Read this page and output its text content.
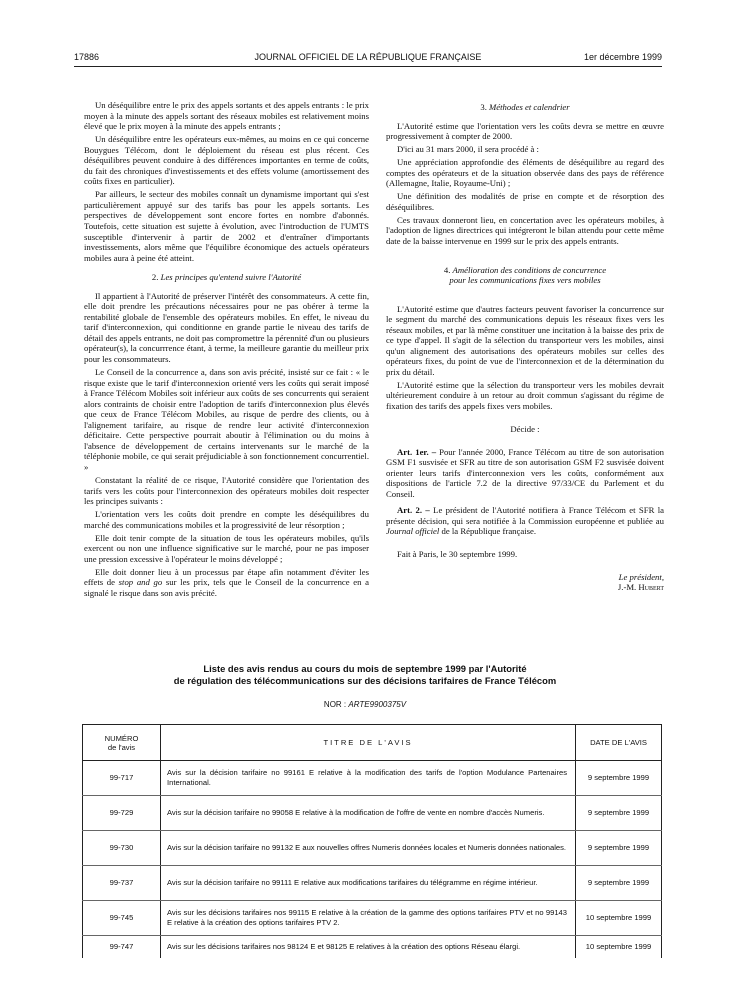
17886	JOURNAL OFFICIEL DE LA RÉPUBLIQUE FRANÇAISE	1er décembre 1999

Un déséquilibre entre le prix des appels sortants et des appels entrants : le prix moyen à la minute des appels sortant des réseaux mobiles est relativement moins élevé que le prix moyen à la minute des appels entrants ;

Un déséquilibre entre les opérateurs eux-mêmes, au moins en ce qui concerne Bouygues Télécom, dont le déploiement du réseau est plus récent. Ces déséquilibres peuvent conduire à des différences importantes en terme de coûts, du fait des chroniques d'investissements et des effets volume (amortissement des coûts fixes en particulier).

Par ailleurs, le secteur des mobiles connaît un dynamisme important qui s'est particulièrement appuyé sur des tarifs bas pour les appels sortants. Les perspectives de développement sont encore fortes en nombre d'abonnés. Toutefois, cette situation est sujette à évolution, avec l'introduction de l'UMTS susceptible d'intervenir à partir de 2002 et d'entraîner d'importants investissements, alors même que l'équilibre économique des actuels opérateurs mobiles aura à peine été atteint.

2. Les principes qu'entend suivre l'Autorité

Il appartient à l'Autorité de préserver l'intérêt des consommateurs. A cette fin, elle doit prendre les précautions nécessaires pour ne pas obérer à terme la rentabilité globale de l'ensemble des opérateurs mobiles. En effet, le niveau du tarif d'interconnexion, qui conditionne en grande partie le niveau des tarifs de détail des appels entrants, ne doit pas compromettre la pérennité d'un ou plusieurs opérateur(s), la concurrrence étant, à terme, la meilleure garantie du meilleur prix pour les consommateurs.

Le Conseil de la concurrence a, dans son avis précité, insisté sur ce fait : « le risque existe que le tarif d'interconnexion orienté vers les coûts qui serait imposé à France Télécom Mobiles soit inférieur aux coûts de ses concurrents qui seraient alors contraints de choisir entre l'adoption de tarifs d'interconnexion plus élevés que ceux de France Télécom Mobiles, au risque de perdre des clients, ou à l'alignement tarifaire, au risque de rendre leur activité d'interconnexion déficitaire. Cette perspective pourrait aboutir à l'élimination ou du moins à l'absence de développement de certains intervenants sur le marché de la téléphonie mobile, ce qui serait préjudiciable à son fonctionnement concurrentiel. »

Constatant la réalité de ce risque, l'Autorité considère que l'orientation des tarifs vers les coûts pour l'interconnexion des opérateurs mobiles doit respecter les principes suivants :

L'orientation vers les coûts doit prendre en compte les déséquilibres du marché des communications mobiles et la progressivité de leur résorption ;

Elle doit tenir compte de la situation de tous les opérateurs mobiles, qu'ils exercent ou non une influence significative sur le marché, pour ne pas imposer une pression excessive à l'opérateur le moins développé ;

Elle doit donner lieu à un processus par étape afin notamment d'éviter les effets de stop and go sur les prix, tels que le Conseil de la concurrence en a signalé le risque dans son avis précité.

3. Méthodes et calendrier

L'Autorité estime que l'orientation vers les coûts devra se mettre en œuvre progressivement à compter de 2000.

D'ici au 31 mars 2000, il sera procédé à :

Une appréciation approfondie des éléments de déséquilibre au regard des comptes des opérateurs et de la situation observée dans des pays de référence (Allemagne, Italie, Royaume-Uni) ;

Une définition des modalités de prise en compte et de résorption des déséquilibres.

Ces travaux donneront lieu, en concertation avec les opérateurs mobiles, à l'adoption de lignes directrices qui intégreront le bilan attendu pour cette même date de la baisse intervenue en 1999 sur le prix des appels entrants.

4. Amélioration des conditions de concurrence
pour les communications fixes vers mobiles

L'Autorité estime que d'autres facteurs peuvent favoriser la concurrence sur le segment du marché des communications depuis les réseaux fixes vers les réseaux mobiles, et par là même constituer une incitation à la baisse des prix de ce type d'appel. Il s'agit de la sélection du transporteur vers les mobiles, ainsi qu'un alignement des autorisations des opérateurs mobiles sur celles des opérateurs fixes, du point de vue de l'interconnexion et de la détermination du prix du détail.

L'Autorité estime que la sélection du transporteur vers les mobiles devrait ultérieurement conduire à un retour au droit commun s'agissant du régime de fixation des tarifs des appels fixes vers mobiles.

Décide :

Art. 1er. – Pour l'année 2000, France Télécom au titre de son autorisation GSM F1 susvisée et SFR au titre de son autorisation GSM F2 susvisée doivent orienter leurs tarifs d'interconnexion vers les coûts, conformément aux dispositions de l'article 7.2 de la directive 97/33/CE du Parlement et du Conseil.

Art. 2. – Le président de l'Autorité notifiera à France Télécom et SFR la présente décision, qui sera notifiée à la Commission européenne et publiée au Journal officiel de la République française.

Fait à Paris, le 30 septembre 1999.

Le président,

J.-M. Hubert

Liste des avis rendus au cours du mois de septembre 1999 par l'Autorité
de régulation des télécommunications sur des décisions tarifaires de France Télécom
NOR : ARTE9900375V
NUMÉRO
de l'avis	TITRE DE L'AVIS	DATE DE L'AVIS
99-717	Avis sur la décision tarifaire no 99161 E relative à la modification des tarifs de l'option Modulance Partenaires International.	9 septembre 1999
99-729	Avis sur la décision tarifaire no 99058 E relative à la modification de l'offre de vente en nombre d'accès Numeris.	9 septembre 1999
99-730	Avis sur la décision tarifaire no 99132 E aux nouvelles offres Numeris données locales et Numeris données nationales.	9 septembre 1999
99-737	Avis sur la décision tarifaire no 99111 E relative aux modifications tarifaires du télégramme en régime intérieur.	9 septembre 1999
99-745	Avis sur les décisions tarifaires nos 99115 E relative à la création de la gamme des options tarifaires PTV et no 99143 E relative à la création des options tarifaires PTV 2.	10 septembre 1999
99-747	Avis sur les décisions tarifaires nos 98124 E et 98125 E relatives à la création des options Réseau élargi.	10 septembre 1999
